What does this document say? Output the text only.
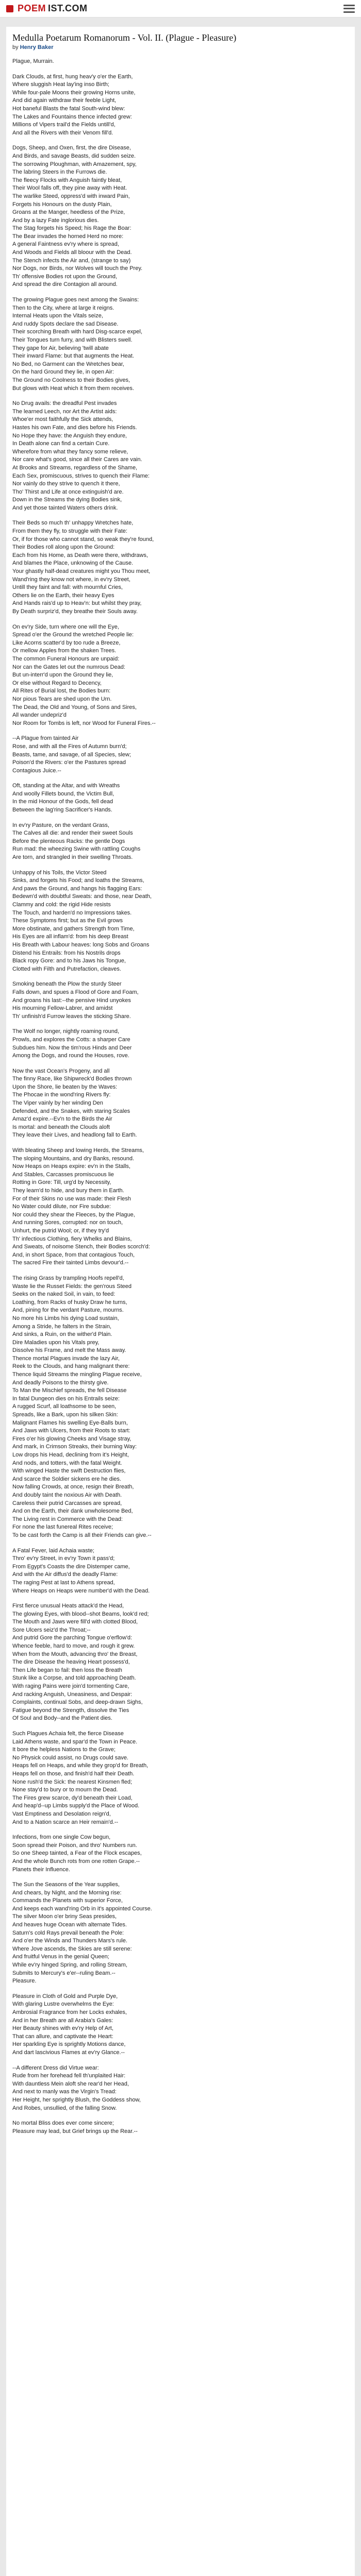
POEM IST.COM
Medulla Poetarum Romanorum - Vol. II. (Plague - Pleasure)
by Henry Baker

Plague, Murrain.

Dark Clouds, at first, hung heav'y o'er the Earth,

Where sluggish Heat lay'ing inso Birth;

While four-pale Moons their growing Horns unite,

And did again withdraw their feeble Light,

Hot baneful Blasts the fatal South-wind blew:

The Lakes and Fountains thence infected grew:

Millions of Vipers trail'd the Fields untill'd,

And all the Rivers with their Venom fill'd.

Dogs, Sheep, and Oxen, first, the dire Disease,

And Birds, and savage Beasts, did sudden seize.

The sorrowing Ploughman, with Amazement, spy,

The labring Steers in the Furrows die.

The fleecy Flocks with Anguish faintly bleat,

Their Wool falls off, they pine away with Heat.

The warlike Steed, oppress'd with inward Pain,

Forgets his Honours on the dusty Plain,

Groans at the Manger, heedless of the Prize,

And by a lazy Fate inglorious dies.

The Stag forgets his Speed; his Rage the Boar:

The Bear invades the horned Herd no more:

A general Faintness ev'ry where is spread,

And Woods and Fields all bloour with the Dead.

The Stench infects the Air and, (strange to say)

Nor Dogs, nor Birds, nor Wolves will touch the Prey.

Th' offensive Bodies rot upon the Ground,

And spread the dire Contagion all around.

The growing Plague goes next among the Swains:

Then to the City, where at large it reigns.

Internal Heats upon the Vitals seize,

And ruddy Spots declare the sad Disease.

Their scorching Breath with hard Disg-scarce expel,

Their Tongues turn furry, and with Blisters swell.

They gape for Air, believing 'twill abate

Their inward Flame: but that augments the Heat.

No Bed, no Garment can the Wretches bear,

On the hard Ground they lie, in open Air:

The Ground no Coolness to their Bodies gives,

But glows with Heat which it from them receives.

No Drug avails: the dreadful Pest invades

The learned Leech, nor Art the Artist aids:

Whoe'er most faithfully the Sick attends,

Hastes his own Fate, and dies before his Friends.

No Hope they have: the Anguish they endure,

In Death alone can find a certain Cure.

Wherefore from what they fancy some relieve,

Nor care what's good, since all their Cares are vain.

At Brooks and Streams, regardless of the Shame,

Each Sex, promiscuous, strives to quench their Flame:

Nor vainly do they strive to quench it there,

Tho' Thirst and Life at once extinguish'd are.

Down in the Streams the dying Bodies sink,

And yet those tainted Waters others drink.

Their Beds so much th' unhappy Wretches hate,

From them they fly, to struggle with their Fate:

Or, if for those who cannot stand, so weak they're found,

Their Bodies roll along upon the Ground:

Each from his Home, as Death were there, withdraws,

And blames the Place, unknowing of the Cause.

Your ghastly half-dead creatures might you Thou meet,

Wand'ring they know not where, in ev'ry Street,

Untill they faint and fall: with mournful Cries,

Others lie on the Earth, their heavy Eyes

And Hands rais'd up to Heav'n: but whilst they pray,

By Death surpriz'd, they breathe their Souls away.

On ev'ry Side, turn where one will the Eye,

Spread o'er the Ground the wretched People lie:

Like Acorns scatter'd by too rude a Breeze,

Or mellow Apples from the shaken Trees.

The common Funeral Honours are unpaid:

Nor can the Gates let out the numrous Dead:

But un-interr'd upon the Ground they lie,

Or else without Regard to Decency,

All Rites of Burial lost, the Bodies burn:

Nor pious Tears are shed upon the Urn.

The Dead, the Old and Young, of Sons and Sires,

All wander undepriz'd

Nor Room for Tombs is left, nor Wood for Funeral Fires.--

--A Plague from tainted Air

Rose, and with all the Fires of Autumn burn'd;

Beasts, tame, and savage, of all Species, slew;

Poison'd the Rivers: o'er the Pastures spread

Contagious Juice.--

Oft, standing at the Altar, and with Wreaths

And woolly Fillets bound, the Victim Bull,

In the mid Honour of the Gods, fell dead

Between the lag'ring Sacrificer's Hands.

In ev'ry Pasture, on the verdant Grass,

The Calves all die: and render their sweet Souls

Before the plenteous Racks: the gentle Dogs

Run mad: the wheezing Swine with rattling Coughs

Are torn, and strangled in their swelling Throats.

Unhappy of his Toils, the Victor Steed

Sinks, and forgets his Food; and loaths the Streams,

And paws the Ground, and hangs his flagging Ears:

Bedewn'd with doubtful Sweats: and those, near Death,

Clammy and cold: the rigid Hide resists

The Touch, and harden'd no Impressions takes.

These Symptoms first; but as the Evil grows

More obstinate, and gathers Strength from Time,

His Eyes are all inflam'd: from his deep Breast

His Breath with Labour heaves: long Sobs and Groans

Distend his Entrails: from his Nostrils drops

Black ropy Gore: and to his Jaws his Tongue,

Clotted with Filth and Putrefaction, cleaves.

Smoking beneath the Plow the sturdy Steer

Falls down, and spues a Flood of Gore and Foam,

And groans his last:--the pensive Hind unyokes

His mourning Fellow-Labrer, and amidst

Th' unfinish'd Furrow leaves the sticking Share.

The Wolf no longer, nightly roaming round,

Prowls, and explores the Cotts: a sharper Care

Subdues him. Now the tim'rous Hinds and Deer

Among the Dogs, and round the Houses, rove.

Now the vast Ocean's Progeny, and all

The finny Race, like Shipwreck'd Bodies thrown

Upon the Shore, lie beaten by the Waves:

The Phocae in the wond'ring Rivers fly:

The Viper vainly by her winding Den

Defended, and the Snakes, with staring Scales

Amaz'd expire.--Ev'n to the Birds the Air

Is mortal: and beneath the Clouds aloft

They leave their Lives, and headlong fall to Earth.

With bleating Sheep and lowing Herds, the Streams,

The sloping Mountains, and dry Banks, resound.

Now Heaps on Heaps expire: ev'n in the Stalls,

And Stables, Carcasses promiscuous lie

Rotting in Gore: Till, urg'd by Necessity,

They learn'd to hide, and bury them in Earth.

For of their Skins no use was made: their Flesh

No Water could dilute, nor Fire subdue:

Nor could they shear the Fleeces, by the Plague,

And running Sores, corrupted: nor on touch,

Unhurt, the putrid Wool; or, if they try'd

Th' infectious Clothing, fiery Whelks and Blains,

And Sweats, of noisome Stench, their Bodies scorch'd:

And, in short Space, from that contagious Touch,

The sacred Fire their tainted Limbs devour'd.--

The rising Grass by trampling Hoofs repell'd,

Waste lie the Russet Fields: the gen'rous Steed

Seeks on the naked Soil, in vain, to feed:

Loathing, from Racks of husky Draw he turns,

And, pining for the verdant Pasture, mourns.

No more his Limbs his dying Load sustain,

Among a Stride, he falters in the Strain,

And sinks, a Ruin, on the wither'd Plain.

Dire Maladies upon his Vitals prey,

Dissolve his Frame, and melt the Mass away.

Thence mortal Plagues invade the lazy Air,

Reek to the Clouds, and hang malignant there:

Thence liquid Streams the mingling Plague receive,

And deadly Poisons to the thirsty give.

To Man the Mischief spreads, the fell Disease

In fatal Dungeon dies on his Entrails seize:

A rugged Scurf, all loathsome to be seen,

Spreads, like a Bark, upon his silken Skin:

Malignant Flames his swelling Eye-Balls burn,

And Jaws with Ulcers, from their Roots to start:

Fires o'er his glowing Cheeks and Visage stray,

And mark, in Crimson Streaks, their burning Way:

Low drops his Head, declining from it's Height,

And nods, and totters, with the fatal Weight.

With winged Haste the swift Destruction flies,

And scarce the Soldier sickens ere he dies.

Now falling Crowds, at once, resign their Breath,

And doubly taint the noxious Air with Death.

Careless their putrid Carcasses are spread,

And on the Earth, their dank unwholesome Bed,

The Living rest in Commerce with the Dead:

For none the last funereal Rites receive;

To be cast forth the Camp is all their Friends can give.--

A Fatal Fever, laid Achaia waste;

Thro' ev'ry Street, in ev'ry Town it pass'd;

From Egypt's Coasts the dire Distemper came,

And with the Air diffus'd the deadly Flame:

The raging Pest at last to Athens spread,

Where Heaps on Heaps were number'd with the Dead.

First fierce unusual Heats attack'd the Head,

The glowing Eyes, with blood--shot Beams, look'd red;

The Mouth and Jaws were fill'd with clotted Blood,

Sore Ulcers seiz'd the Throat;--

And putrid Gore the parching Tongue o'erflow'd:

Whence feeble, hard to move, and rough it grew.

When from the Mouth, advancing thro' the Breast,

The dire Disease the heaving Heart possess'd,

Then Life began to fail: then loss the Breath

Stunk like a Corpse, and told approaching Death.

With raging Pains were join'd tormenting Care,

And racking Anguish, Uneasiness, and Despair:

Complaints, continual Sobs, and deep-drawn Sighs,

Fatigue beyond the Strength, dissolve the Ties

Of Soul and Body--and the Patient dies.

Such Plagues Achaia felt, the fierce Disease

Laid Athens waste, and spar'd the Town in Peace.

It bore the helpless Nations to the Grave;

No Physick could assist, no Drugs could save.

Heaps fell on Heaps, and while they grop'd for Breath,

Heaps fell on those, and finish'd half their Death.

None rush'd the Sick: the nearest Kinsmen fled;

None stay'd to bury or to mourn the Dead.

The Fires grew scarce, dy'd beneath their Load,

And heap'd--up Limbs supply'd the Place of Wood.

Vast Emptiness and Desolation reign'd,

And to a Nation scarce an Heir remain'd.--

Infections, from one single Cow begun,

Soon spread their Poison, and thro' Numbers run.

So one Sheep tainted, a Fear of the Flock escapes,

And the whole Bunch rots from one rotten Grape.--

Planets their Influence.

The Sun the Seasons of the Year supplies,

And chears, by Night, and the Morning rise:

Commands the Planets with superior Force,

And keeps each wand'ring Orb in it's appointed Course.

The silver Moon o'er briny Seas presides,

And heaves huge Ocean with alternate Tides.

Saturn's cold Rays prevail beneath the Pole:

And o'er the Winds and Thunders Mars's rule.

Where Jove ascends, the Skies are still serene:

And fruitful Venus in the genial Queen;

While ev'ry hinged Spring, and rolling Stream,

Submits to Mercury's e'er--ruling Beam.--

Pleasure.

Pleasure in Cloth of Gold and Purple Dye,

With glaring Lustre overwhelms the Eye:

Ambrosial Fragrance from her Locks exhales,

And in her Breath are all Arabia's Gales:

Her Beauty shines with ev'ry Help of Art,

That can allure, and captivate the Heart:

Her sparkling Eye is sprightly Motions dance,

And dart lascivious Flames at ev'ry Glance.--

--A different Dress did Virtue wear:

Rude from her forehead fell th'unplaited Hair:

With dauntless Mein aloft she rear'd her Head,

And next to manly was the Virgin's Tread:

Her Height, her sprightly Blush, the Goddess show,

And Robes, unsullied, of the falling Snow.

No mortal Bliss does ever come sincere;

Pleasure may lead, but Grief brings up the Rear.--
